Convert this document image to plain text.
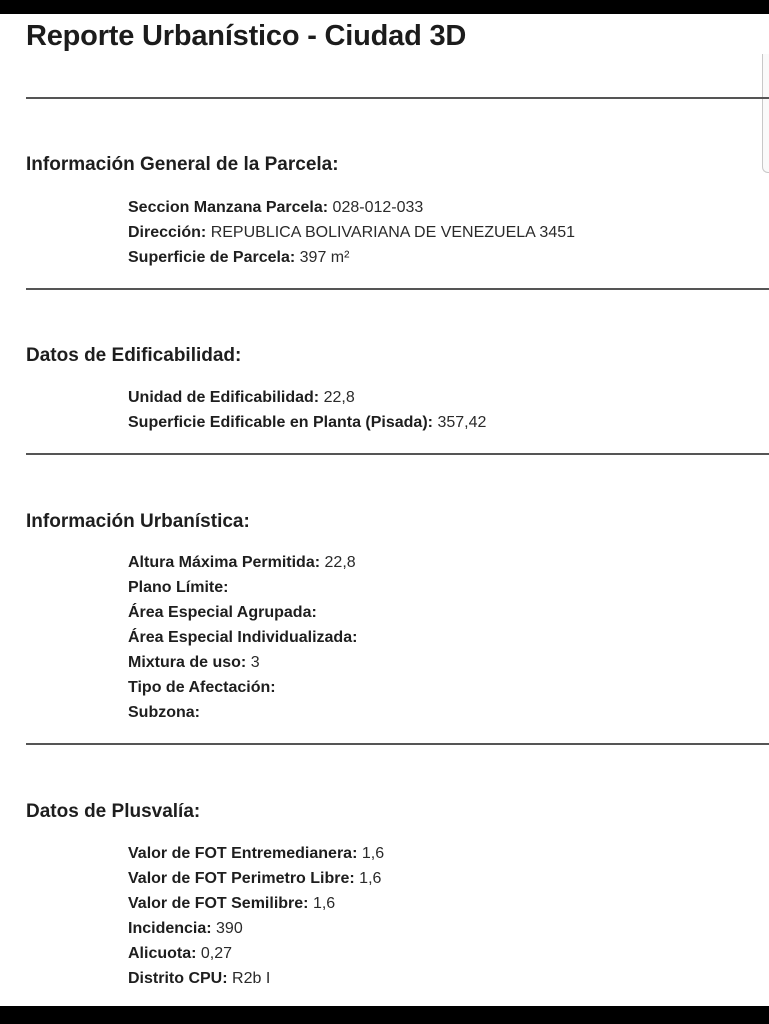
Reporte Urbanístico - Ciudad 3D
Información General de la Parcela:
Seccion Manzana Parcela: 028-012-033
Dirección: REPUBLICA BOLIVARIANA DE VENEZUELA 3451
Superficie de Parcela: 397 m²
Datos de Edificabilidad:
Unidad de Edificabilidad: 22,8
Superficie Edificable en Planta (Pisada): 357,42
Información Urbanística:
Altura Máxima Permitida: 22,8
Plano Límite:
Área Especial Agrupada:
Área Especial Individualizada:
Mixtura de uso: 3
Tipo de Afectación:
Subzona:
Datos de Plusvalía:
Valor de FOT Entremedianera: 1,6
Valor de FOT Perimetro Libre: 1,6
Valor de FOT Semilibre: 1,6
Incidencia: 390
Alicuota: 0,27
Distrito CPU: R2b I
